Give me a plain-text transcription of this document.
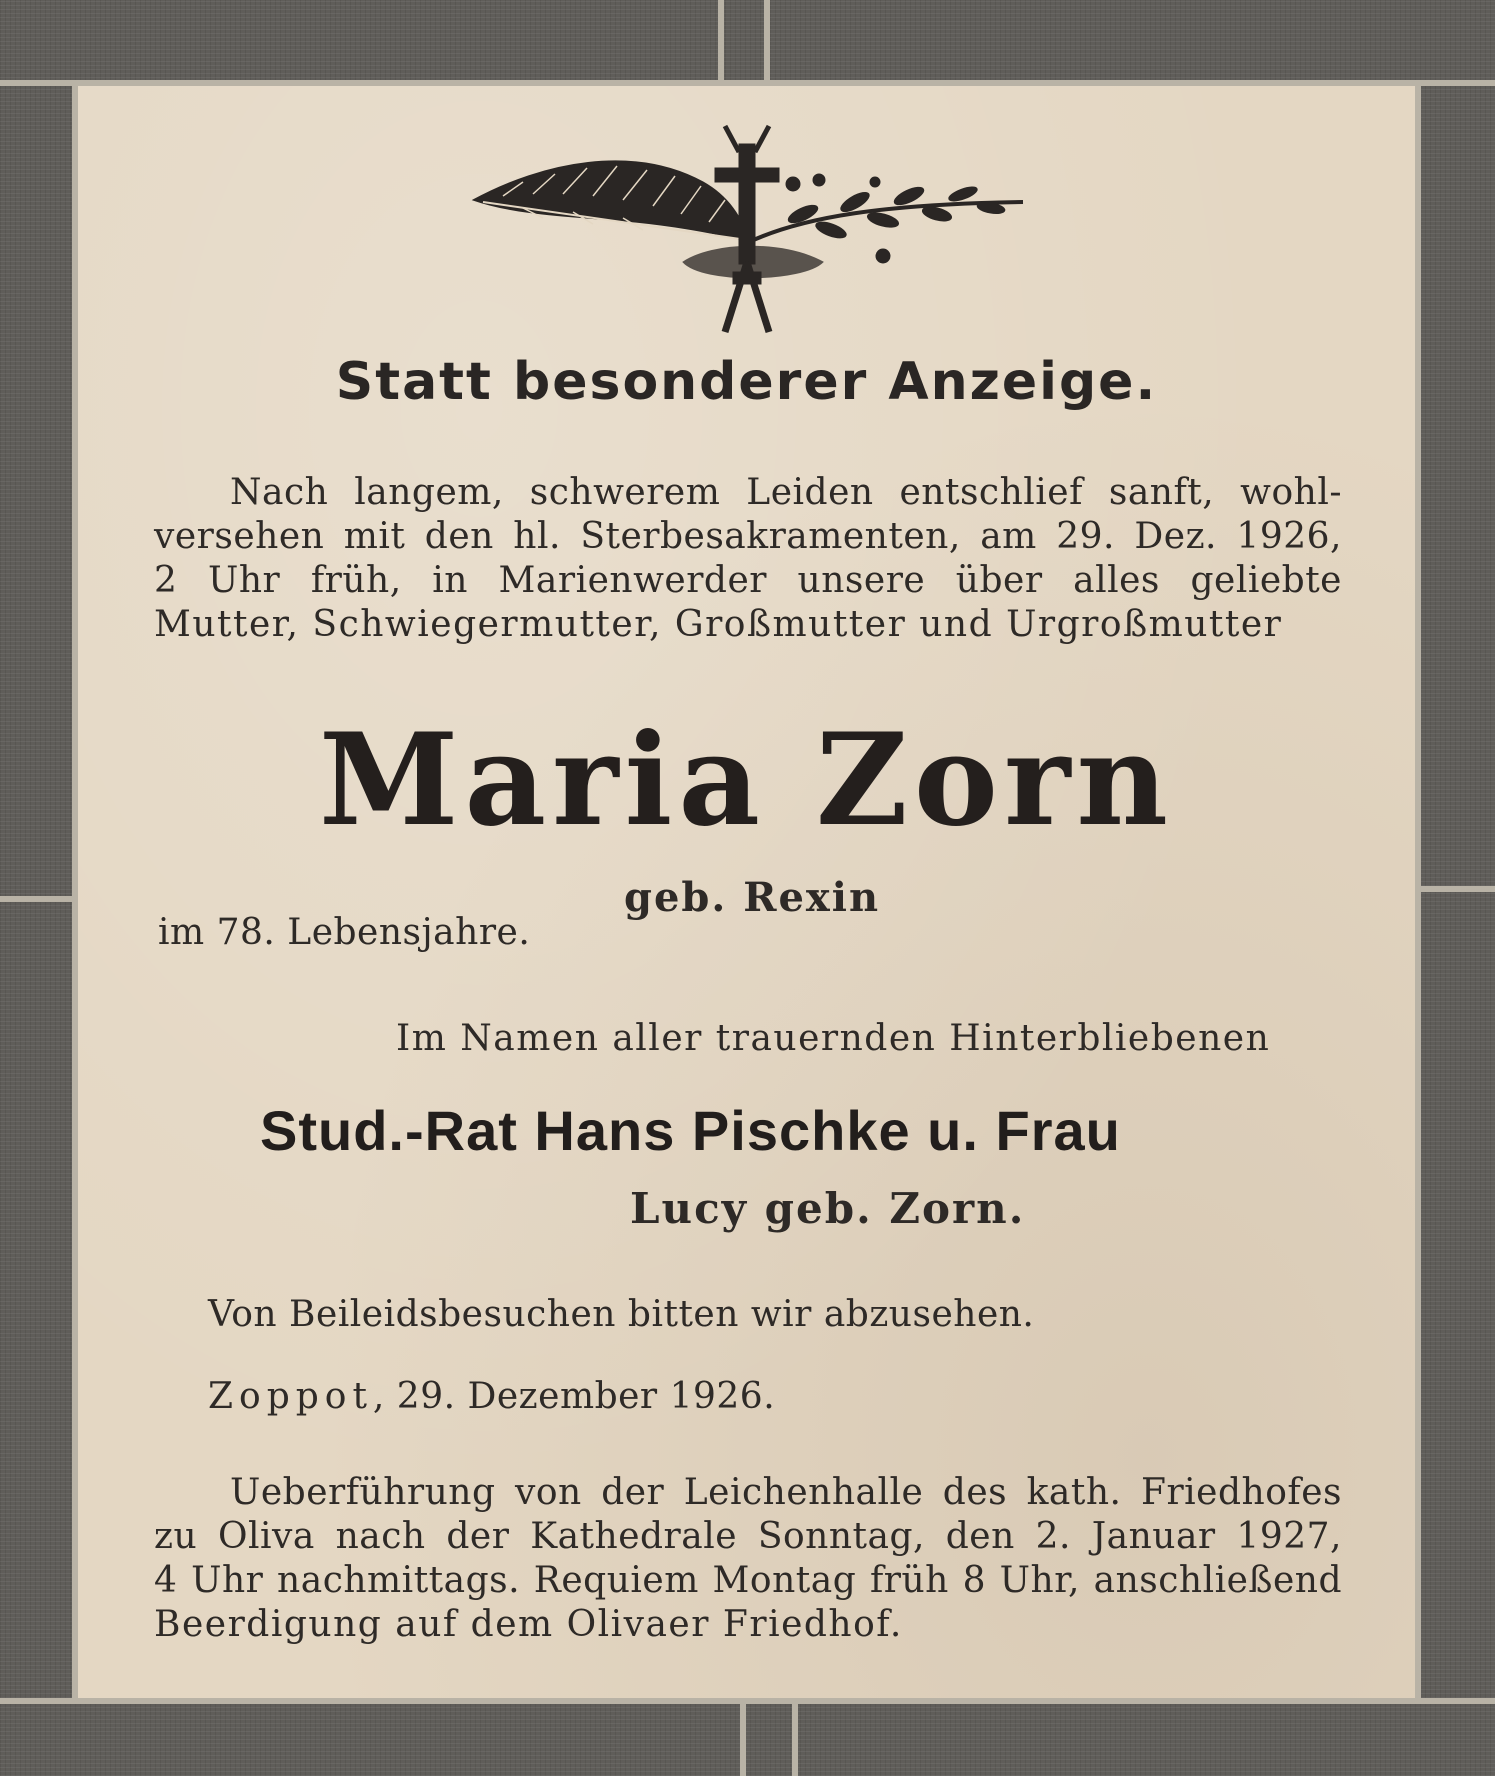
Statt besonderer Anzeige.
Nach langem, schwerem Leiden entschlief sanft, wohl-
versehen mit den hl. Sterbesakramenten, am 29. Dez. 1926,
2 Uhr früh, in Marienwerder unsere über alles geliebte
Mutter, Schwiegermutter, Großmutter und Urgroßmutter
Maria Zorn
geb. Rexin
im 78. Lebensjahre.
Im Namen aller trauernden Hinterbliebenen
Stud.-Rat Hans Pischke u. Frau
Lucy geb. Zorn.
Von Beileidsbesuchen bitten wir abzusehen.
Zoppot, 29. Dezember 1926.
Ueberführung von der Leichenhalle des kath. Friedhofes
zu Oliva nach der Kathedrale Sonntag, den 2. Januar 1927,
4 Uhr nachmittags. Requiem Montag früh 8 Uhr, anschließend
Beerdigung auf dem Olivaer Friedhof.
